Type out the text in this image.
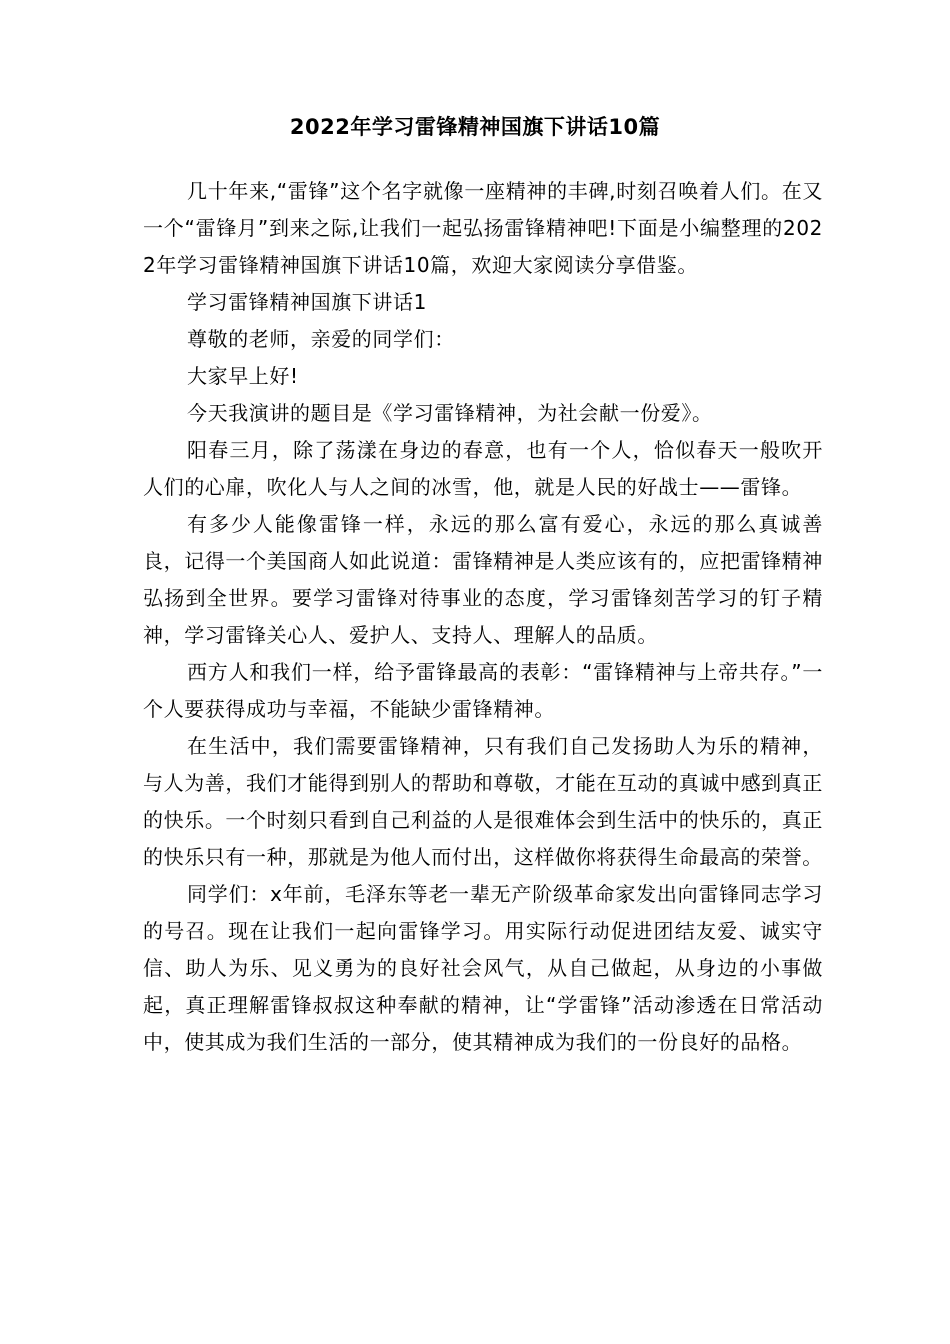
2022年学习雷锋精神国旗下讲话10篇

几十年来,“雷锋”这个名字就像一座精神的丰碑,时刻召唤着人们。在又一个“雷锋月”到来之际,让我们一起弘扬雷锋精神吧!下面是小编整理的2022年学习雷锋精神国旗下讲话10篇，欢迎大家阅读分享借鉴。

学习雷锋精神国旗下讲话1

尊敬的老师，亲爱的同学们：

大家早上好!

今天我演讲的题目是《学习雷锋精神，为社会献一份爱》。

阳春三月，除了荡漾在身边的春意，也有一个人，恰似春天一般吹开人们的心扉，吹化人与人之间的冰雪，他，就是人民的好战士——雷锋。

有多少人能像雷锋一样，永远的那么富有爱心，永远的那么真诚善良，记得一个美国商人如此说道：雷锋精神是人类应该有的，应把雷锋精神弘扬到全世界。要学习雷锋对待事业的态度，学习雷锋刻苦学习的钉子精神，学习雷锋关心人、爱护人、支持人、理解人的品质。

西方人和我们一样，给予雷锋最高的表彰：“雷锋精神与上帝共存。”一个人要获得成功与幸福，不能缺少雷锋精神。

在生活中，我们需要雷锋精神，只有我们自己发扬助人为乐的精神，与人为善，我们才能得到别人的帮助和尊敬，才能在互动的真诚中感到真正的快乐。一个时刻只看到自己利益的人是很难体会到生活中的快乐的，真正的快乐只有一种，那就是为他人而付出，这样做你将获得生命最高的荣誉。

同学们：x年前，毛泽东等老一辈无产阶级革命家发出向雷锋同志学习的号召。现在让我们一起向雷锋学习。用实际行动促进团结友爱、诚实守信、助人为乐、见义勇为的良好社会风气，从自己做起，从身边的小事做起，真正理解雷锋叔叔这种奉献的精神，让“学雷锋”活动渗透在日常活动中，使其成为我们生活的一部分，使其精神成为我们的一份良好的品格。
